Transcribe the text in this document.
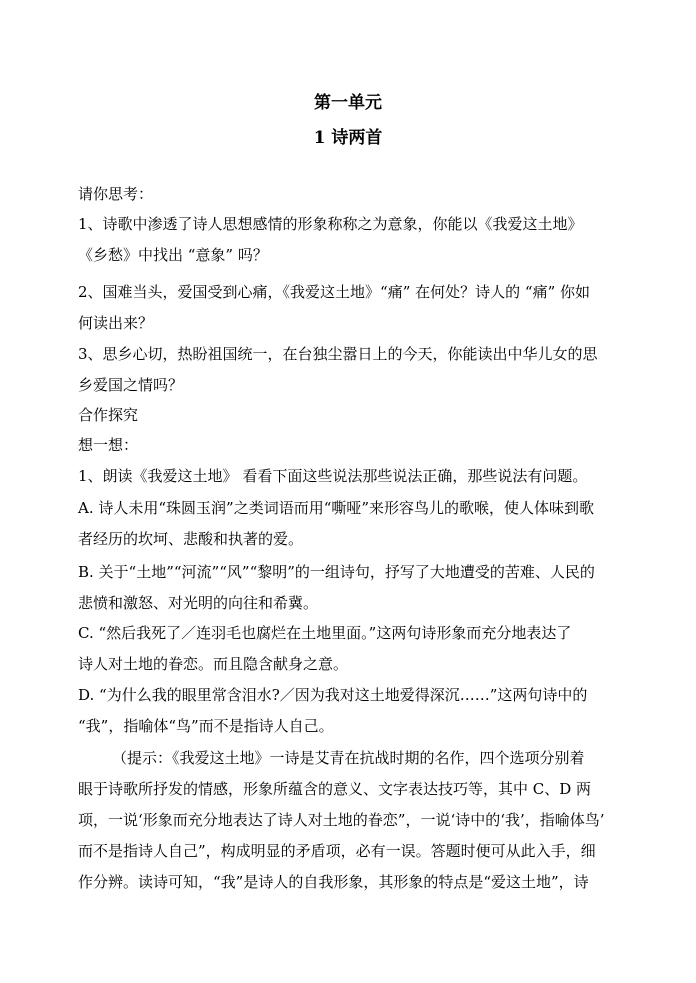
第一单元
1 诗两首
请你思考：
1、诗歌中渗透了诗人思想感情的形象称称之为意象，你能以《我爱这土地》
《乡愁》中找出 “意象” 吗？
2、国难当头，爱国受到心痛，《我爱这土地》“痛” 在何处？诗人的 “痛” 你如
何读出来？
3、思乡心切，热盼祖国统一，在台独尘嚣日上的今天，你能读出中华儿女的思
乡爱国之情吗？
合作探究
想一想：
1、朗读《我爱这土地》 看看下面这些说法那些说法正确，那些说法有问题。
A. 诗人未用“珠圆玉润”之类词语而用“嘶哑”来形容鸟儿的歌喉，使人体味到歌
者经历的坎坷、悲酸和执著的爱。
B. 关于“土地”“河流”“风”“黎明”的一组诗句，抒写了大地遭受的苦难、人民的
悲愤和激怒、对光明的向往和希冀。
C. “然后我死了／连羽毛也腐烂在土地里面。”这两句诗形象而充分地表达了
诗人对土地的眷恋。而且隐含献身之意。
D. “为什么我的眼里常含泪水?／因为我对这土地爱得深沉……”这两句诗中的
“我”，指喻体“鸟”而不是指诗人自己。
（提示：《我爱这土地》一诗是艾青在抗战时期的名作，四个选项分别着
眼于诗歌所抒发的情感，形象所蕴含的意义、文字表达技巧等，其中 C、D 两
项，一说‘形象而充分地表达了诗人对土地的眷恋”，一说‘诗中的‘我’，指喻体鸟’
而不是指诗人自己”，构成明显的矛盾项，必有一误。答题时便可从此入手，细
作分辨。读诗可知，“我”是诗人的自我形象，其形象的特点是“爱这土地”，诗
